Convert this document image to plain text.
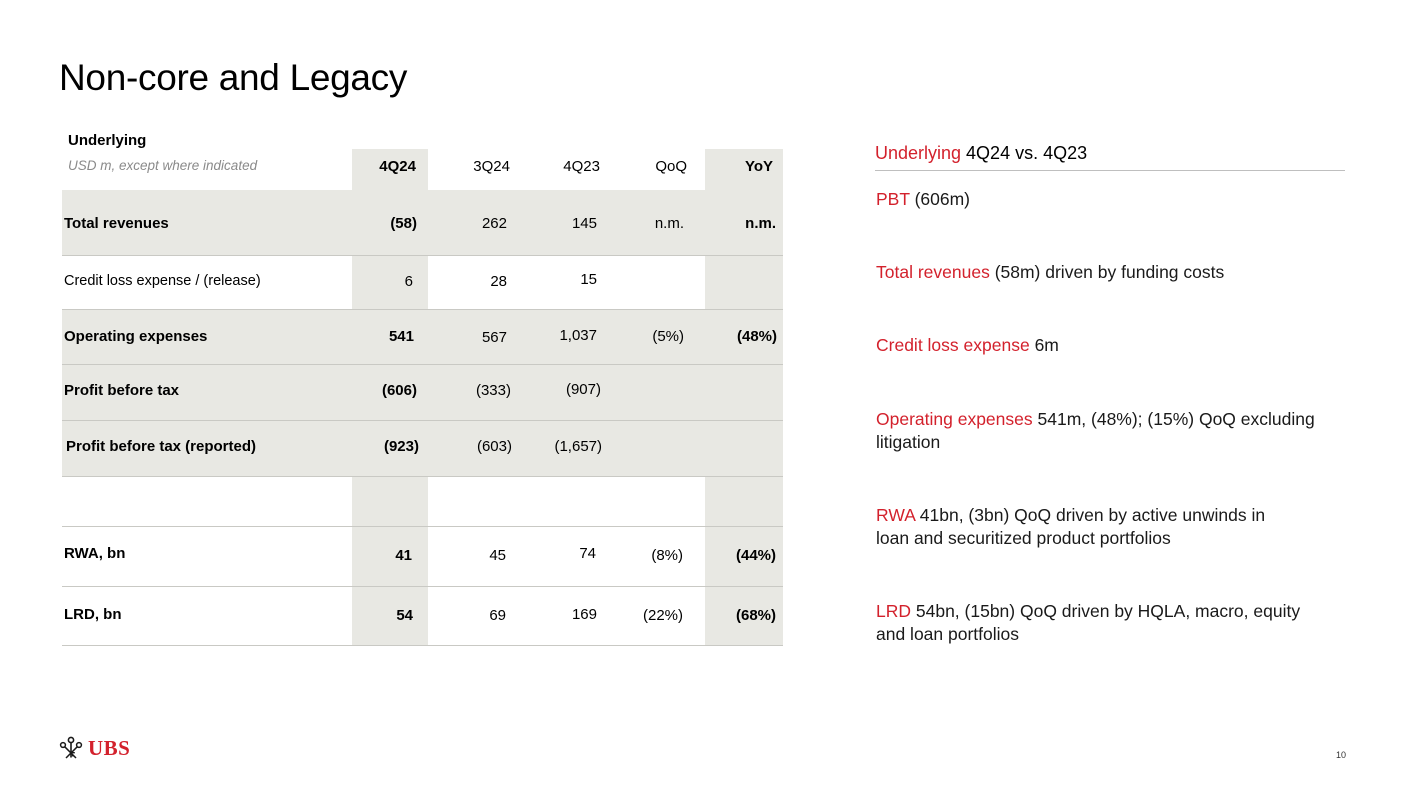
Non-core and Legacy
Underlying
USD m, except where indicated	4Q24	3Q24	4Q23	QoQ	YoY
Total revenues	(58)	262	145	n.m.	n.m.
Credit loss expense / (release)	6	28	15
Operating expenses	541	567	1,037	(5%)	(48%)
Profit before tax	(606)	(333)	(907)
Profit before tax (reported)	(923)	(603)	(1,657)
RWA, bn	41	45	74	(8%)	(44%)
LRD, bn	54	69	169	(22%)	(68%)
Underlying 4Q24 vs. 4Q23
PBT (606m)
Total revenues (58m) driven by funding costs
Credit loss expense 6m
Operating expenses 541m, (48%); (15%) QoQ excluding litigation
RWA 41bn, (3bn) QoQ driven by active unwinds in loan and securitized product portfolios
LRD 54bn, (15bn) QoQ driven by HQLA, macro, equity and loan portfolios
UBS	10
